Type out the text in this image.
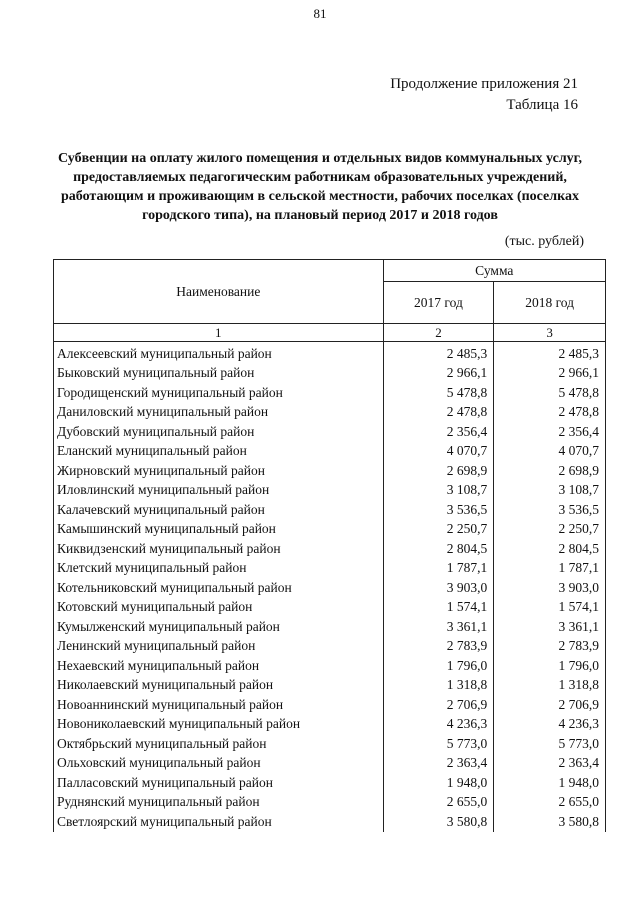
81
Продолжение приложения 21
Таблица 16
Субвенции на оплату жилого помещения и отдельных видов коммунальных услуг, предоставляемых педагогическим работникам образовательных учреждений, работающим и проживающим в сельской местности, рабочих поселках (поселках городского типа), на плановый период 2017 и 2018 годов
(тыс. рублей)
Наименование	Сумма	
	2017 год	2018 год
1	2	3
Алексеевский муниципальный район	2 485,3	2 485,3
Быковский муниципальный район	2 966,1	2 966,1
Городищенский муниципальный район	5 478,8	5 478,8
Даниловский муниципальный район	2 478,8	2 478,8
Дубовский муниципальный район	2 356,4	2 356,4
Еланский муниципальный район	4 070,7	4 070,7
Жирновский муниципальный район	2 698,9	2 698,9
Иловлинский муниципальный район	3 108,7	3 108,7
Калачевский муниципальный район	3 536,5	3 536,5
Камышинский муниципальный район	2 250,7	2 250,7
Киквидзенский муниципальный район	2 804,5	2 804,5
Клетский муниципальный район	1 787,1	1 787,1
Котельниковский муниципальный район	3 903,0	3 903,0
Котовский муниципальный район	1 574,1	1 574,1
Кумылженский муниципальный район	3 361,1	3 361,1
Ленинский муниципальный район	2 783,9	2 783,9
Нехаевский муниципальный район	1 796,0	1 796,0
Николаевский муниципальный район	1 318,8	1 318,8
Новоаннинский муниципальный район	2 706,9	2 706,9
Новониколаевский муниципальный район	4 236,3	4 236,3
Октябрьский муниципальный район	5 773,0	5 773,0
Ольховский муниципальный район	2 363,4	2 363,4
Палласовский муниципальный район	1 948,0	1 948,0
Руднянский муниципальный район	2 655,0	2 655,0
Светлоярский муниципальный район	3 580,8	3 580,8
